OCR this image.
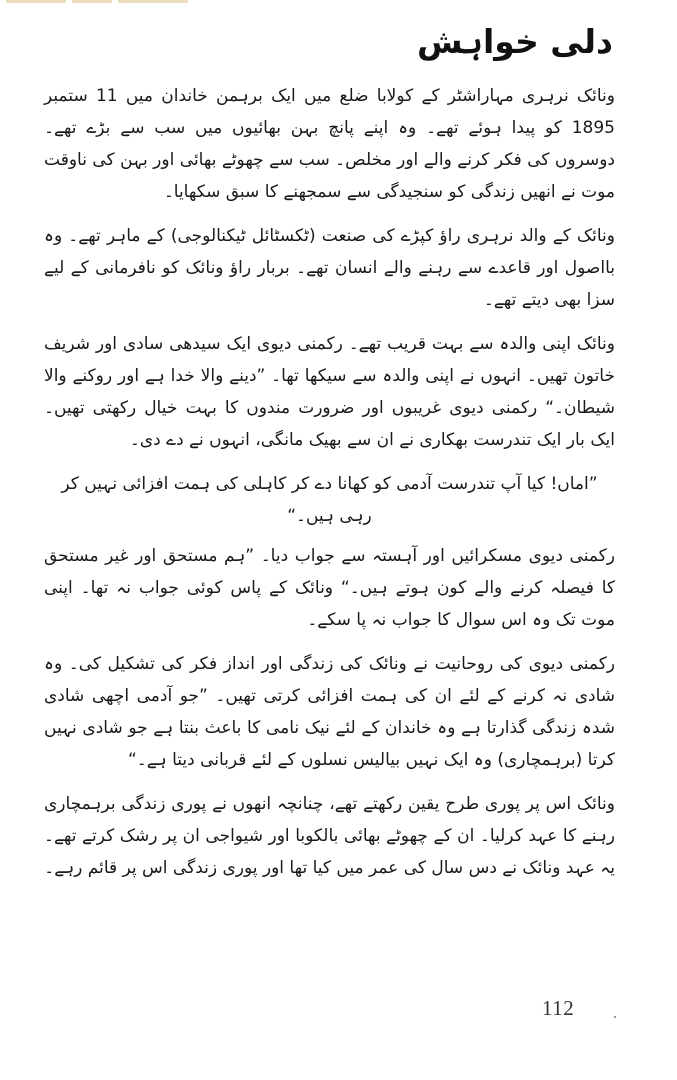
دلی خواہش

ونائک نرہری مہاراشٹر کے کولابا ضلع میں ایک برہمن خاندان میں 11 ستمبر 1895 کو پیدا ہوئے تھے۔ وہ اپنے پانچ بہن بھائیوں میں سب سے بڑے تھے۔ دوسروں کی فکر کرنے والے اور مخلص۔ سب سے چھوٹے بھائی اور بہن کی ناوقت موت نے انھیں زندگی کو سنجیدگی سے سمجھنے کا سبق سکھایا۔

ونائک کے والد نرہری راؤ کپڑے کی صنعت (ٹکسٹائل ٹیکنالوجی) کے ماہر تھے۔ وہ بااصول اور قاعدے سے رہنے والے انسان تھے۔ بربار راؤ ونائک کو نافرمانی کے لیے سزا بھی دیتے تھے۔

ونائک اپنی والدہ سے بہت قریب تھے۔ رکمنی دیوی ایک سیدھی سادی اور شریف خاتون تھیں۔ انہوں نے اپنی والدہ سے سیکھا تھا۔ ”دینے والا خدا ہے اور روکنے والا شیطان۔“ رکمنی دیوی غریبوں اور ضرورت مندوں کا بہت خیال رکھتی تھیں۔ ایک بار ایک تندرست بھکاری نے ان سے بھیک مانگی، انہوں نے دے دی۔

”اماں! کیا آپ تندرست آدمی کو کھانا دے کر کاہلی کی ہمت افزائی نہیں کر رہی ہیں۔“

رکمنی دیوی مسکرائیں اور آہستہ سے جواب دیا۔ ”ہم مستحق اور غیر مستحق کا فیصلہ کرنے والے کون ہوتے ہیں۔“ ونائک کے پاس کوئی جواب نہ تھا۔ اپنی موت تک وہ اس سوال کا جواب نہ پا سکے۔

رکمنی دیوی کی روحانیت نے ونائک کی زندگی اور انداز فکر کی تشکیل کی۔ وہ شادی نہ کرنے کے لئے ان کی ہمت افزائی کرتی تھیں۔ ”جو آدمی اچھی شادی شدہ زندگی گذارتا ہے وہ خاندان کے لئے نیک نامی کا باعث بنتا ہے جو شادی نہیں کرتا (برہمچاری) وہ ایک نہیں بیالیس نسلوں کے لئے قربانی دیتا ہے۔“

ونائک اس پر پوری طرح یقین رکھتے تھے، چنانچہ انھوں نے پوری زندگی برہمچاری رہنے کا عہد کرلیا۔ ان کے چھوٹے بھائی بالکوبا اور شیواجی ان پر رشک کرتے تھے۔ یہ عہد ونائک نے دس سال کی عمر میں کیا تھا اور پوری زندگی اس پر قائم رہے۔

112
